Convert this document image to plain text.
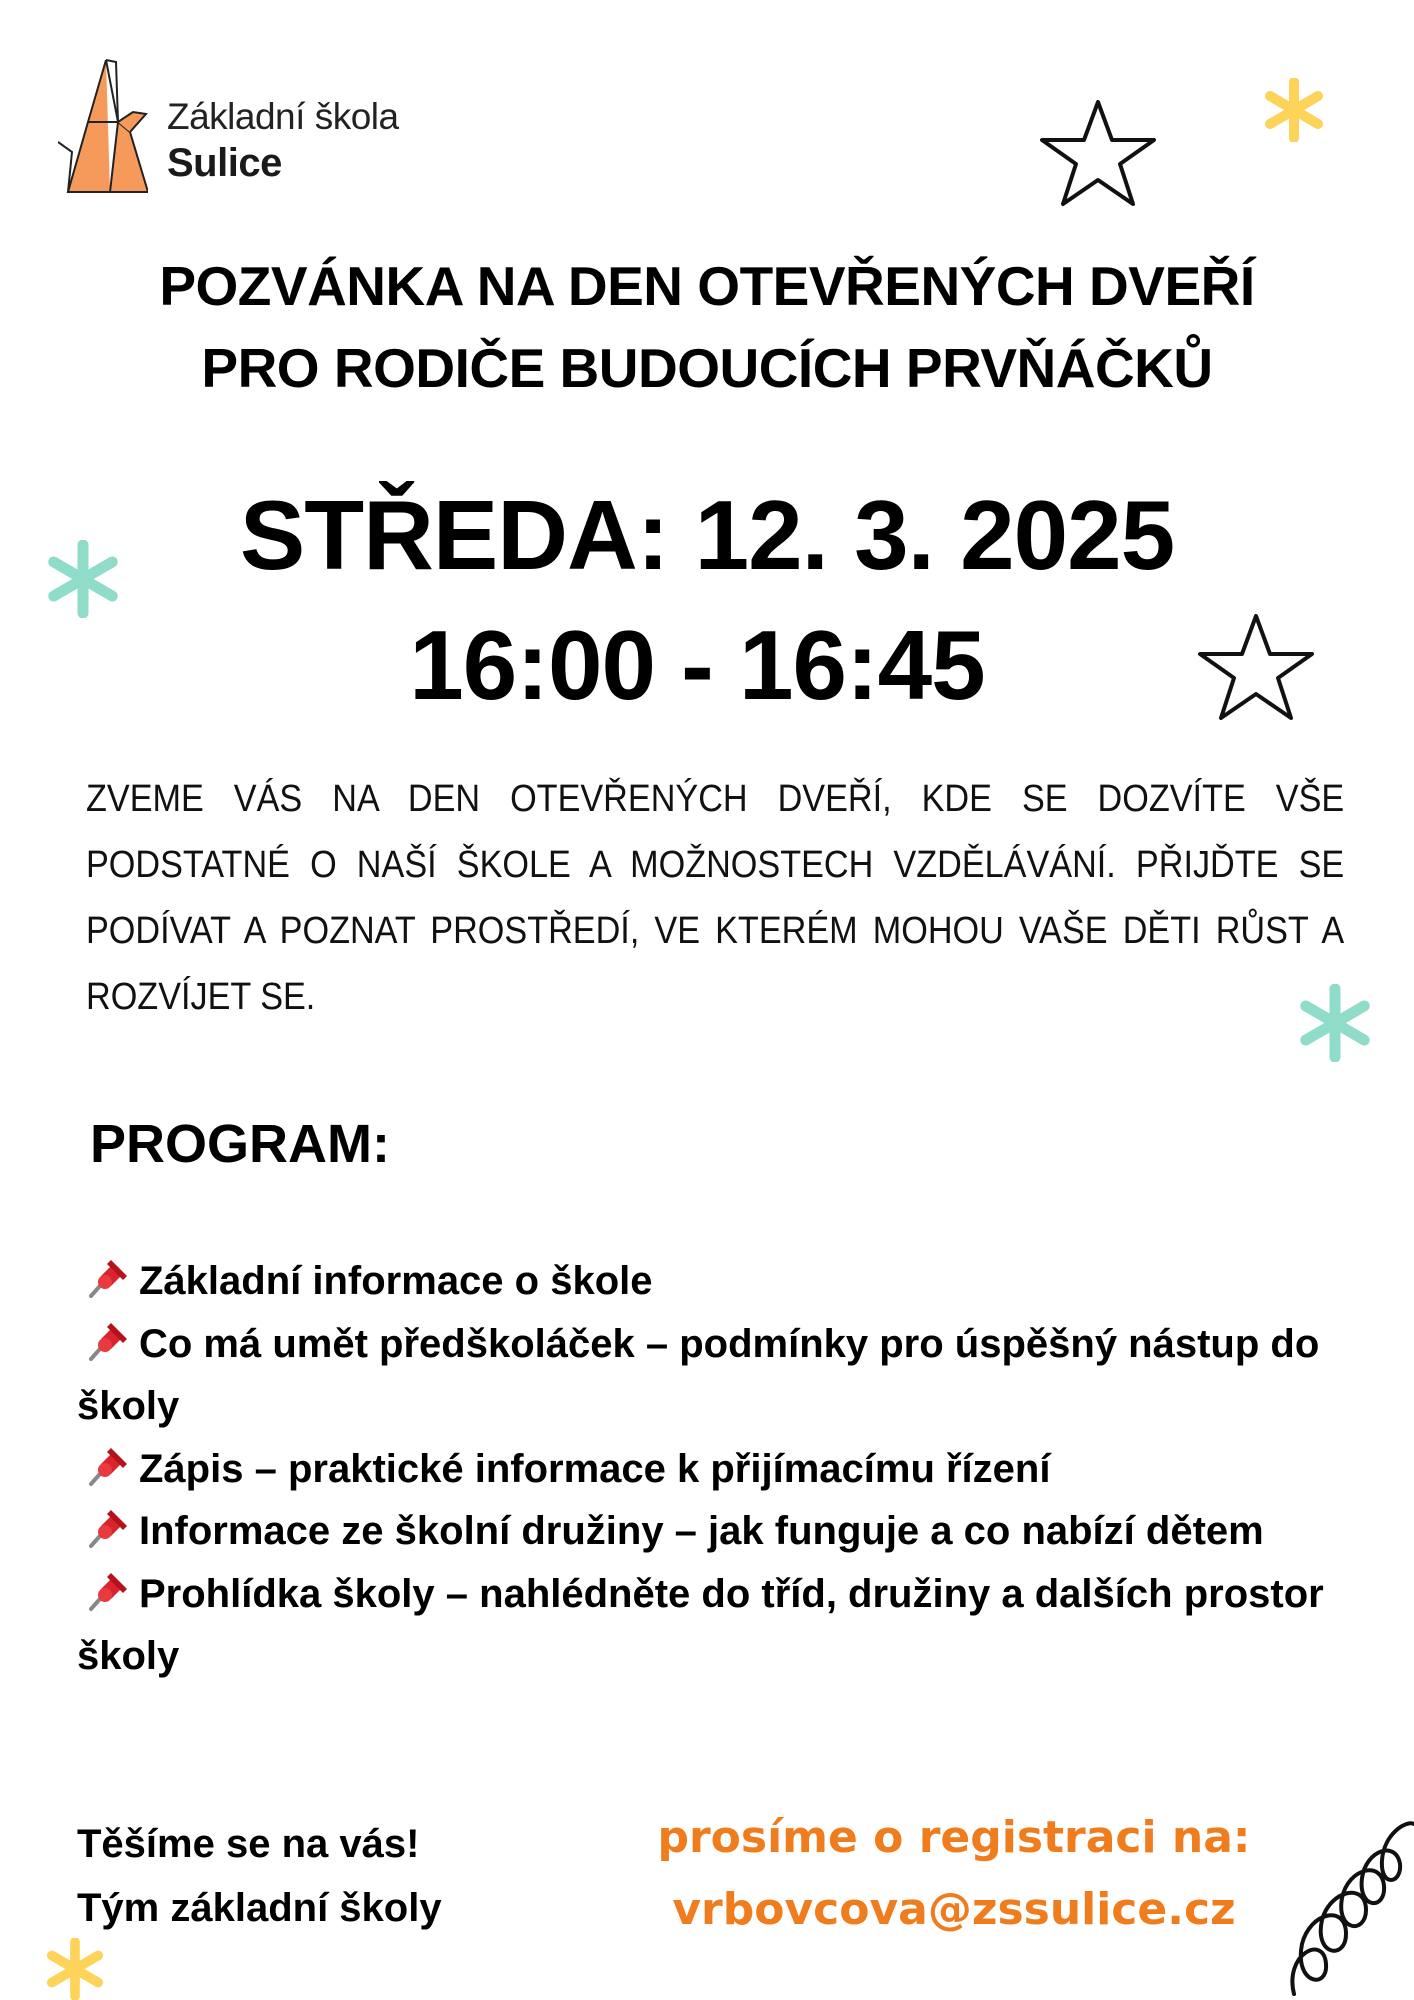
Základní škola
Sulice
POZVÁNKA NA DEN OTEVŘENÝCH DVEŘÍ
PRO RODIČE BUDOUCÍCH PRVŇÁČKŮ
STŘEDA: 12. 3. 2025
16:00 - 16:45
ZVEME VÁS NA DEN OTEVŘENÝCH DVEŘÍ, KDE SE DOZVÍTE VŠE PODSTATNÉ O NAŠÍ ŠKOLE A MOŽNOSTECH VZDĚLÁVÁNÍ. PŘIJĎTE SE PODÍVAT A POZNAT PROSTŘEDÍ, VE KTERÉM MOHOU VAŠE DĚTI RŮST A ROZVÍJET SE.
PROGRAM:
Základní informace o škole
Co má umět předškoláček – podmínky pro úspěšný nástup do školy
Zápis – praktické informace k přijímacímu řízení
Informace ze školní družiny – jak funguje a co nabízí dětem
Prohlídka školy – nahlédněte do tříd, družiny a dalších prostor školy
Těšíme se na vás!
Tým základní školy
prosíme o registraci na:
vrbovcova@zssulice.cz
